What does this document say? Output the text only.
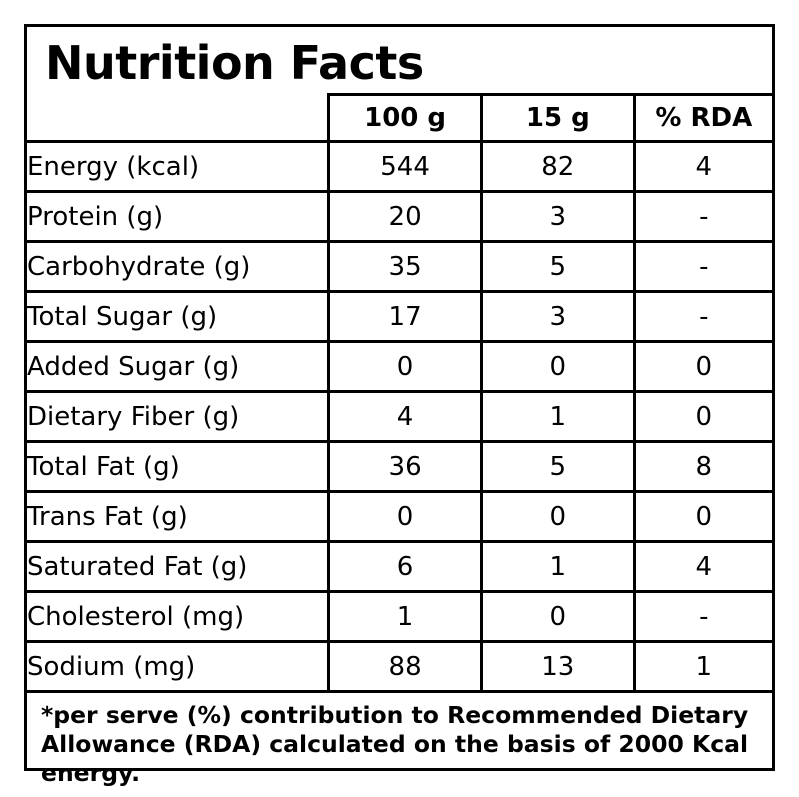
Nutrition Facts
	100 g	15 g	% RDA
Energy (kcal)	544	82	4
Protein (g)	20	3	-
Carbohydrate (g)	35	5	-
Total Sugar (g)	17	3	-
Added Sugar (g)	0	0	0
Dietary Fiber (g)	4	1	0
Total Fat (g)	36	5	8
Trans Fat (g)	0	0	0
Saturated Fat (g)	6	1	4
Cholesterol (mg)	1	0	-
Sodium (mg)	88	13	1
*per serve (%) contribution to Recommended Dietary Allowance (RDA) calculated on the basis of 2000 Kcal energy.
